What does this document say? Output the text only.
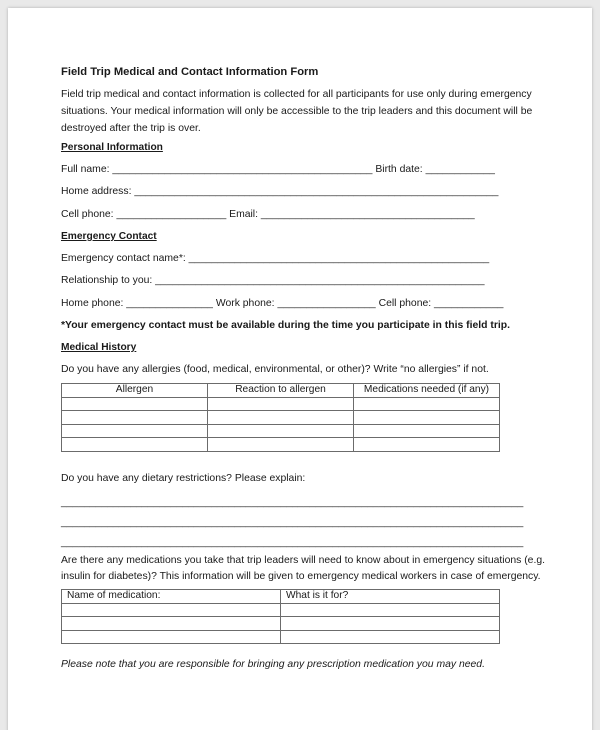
Field Trip Medical and Contact Information Form
Field trip medical and contact information is collected for all participants for use only during emergency situations. Your medical information will only be accessible to the trip leaders and this document will be destroyed after the trip is over.
Personal Information
Full name: _____________________________________________ Birth date: ____________
Home address: _______________________________________________________________
Cell phone: ___________________ Email: _____________________________________
Emergency Contact
Emergency contact name*: ____________________________________________________
Relationship to you: _________________________________________________________
Home phone: _______________ Work phone: _________________ Cell phone: ____________
*Your emergency contact must be available during the time you participate in this field trip.
Medical History
Do you have any allergies (food, medical, environmental, or other)? Write “no allergies” if not.
Allergen	Reaction to allergen	Medications needed (if any)

Do you have any dietary restrictions? Please explain:
________________________________________________________________________________
________________________________________________________________________________
________________________________________________________________________________
Are there any medications you take that trip leaders will need to know about in emergency situations (e.g.
insulin for diabetes)? This information will be given to emergency medical workers in case of emergency.
Name of medication:	What is it for?

Please note that you are responsible for bringing any prescription medication you may need.
